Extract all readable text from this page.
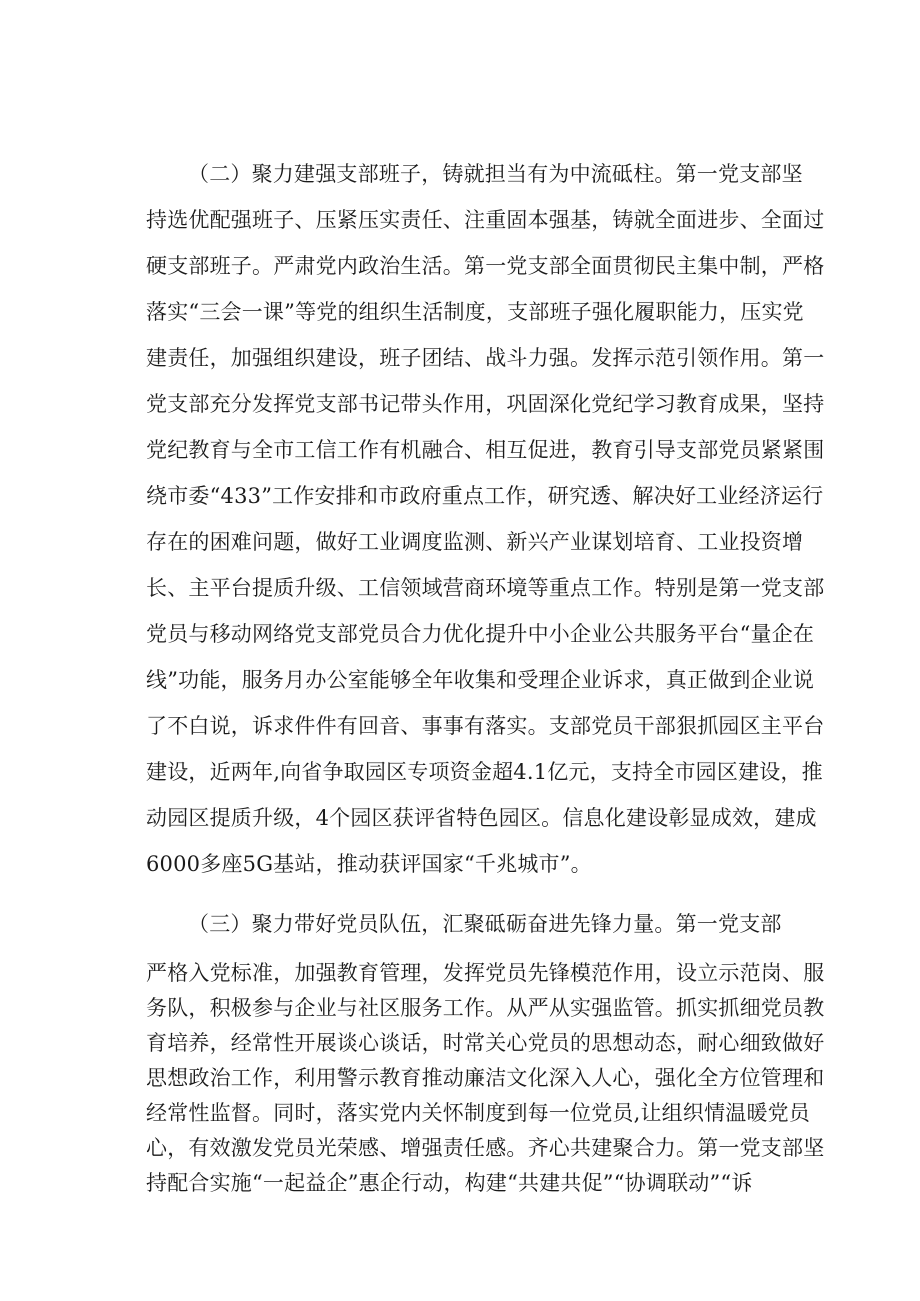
（二）聚力建强支部班子，铸就担当有为中流砥柱。第一党支部坚

持选优配强班子、压紧压实责任、注重固本强基，铸就全面进步、全面过

硬支部班子。严肃党内政治生活。第一党支部全面贯彻民主集中制，严格

落实“三会一课”等党的组织生活制度，支部班子强化履职能力，压实党

建责任，加强组织建设，班子团结、战斗力强。发挥示范引领作用。第一

党支部充分发挥党支部书记带头作用，巩固深化党纪学习教育成果，坚持

党纪教育与全市工信工作有机融合、相互促进，教育引导支部党员紧紧围

绕市委“433”工作安排和市政府重点工作，研究透、解决好工业经济运行

存在的困难问题，做好工业调度监测、新兴产业谋划培育、工业投资增

长、主平台提质升级、工信领域营商环境等重点工作。特别是第一党支部

党员与移动网络党支部党员合力优化提升中小企业公共服务平台“量企在

线”功能，服务月办公室能够全年收集和受理企业诉求，真正做到企业说

了不白说，诉求件件有回音、事事有落实。支部党员干部狠抓园区主平台

建设，近两年,向省争取园区专项资金超4.1亿元，支持全市园区建设，推

动园区提质升级，4个园区获评省特色园区。信息化建设彰显成效，建成

6000多座5G基站，推动获评国家“千兆城市”。

（三）聚力带好党员队伍，汇聚砥砺奋进先锋力量。第一党支部

严格入党标准，加强教育管理，发挥党员先锋模范作用，设立示范岗、服

务队，积极参与企业与社区服务工作。从严从实强监管。抓实抓细党员教

育培养，经常性开展谈心谈话，时常关心党员的思想动态，耐心细致做好

思想政治工作，利用警示教育推动廉洁文化深入人心，强化全方位管理和

经常性监督。同时，落实党内关怀制度到每一位党员,让组织情温暖党员

心，有效激发党员光荣感、增强责任感。齐心共建聚合力。第一党支部坚

持配合实施“一起益企”惠企行动，构建“共建共促”“协调联动”“诉
